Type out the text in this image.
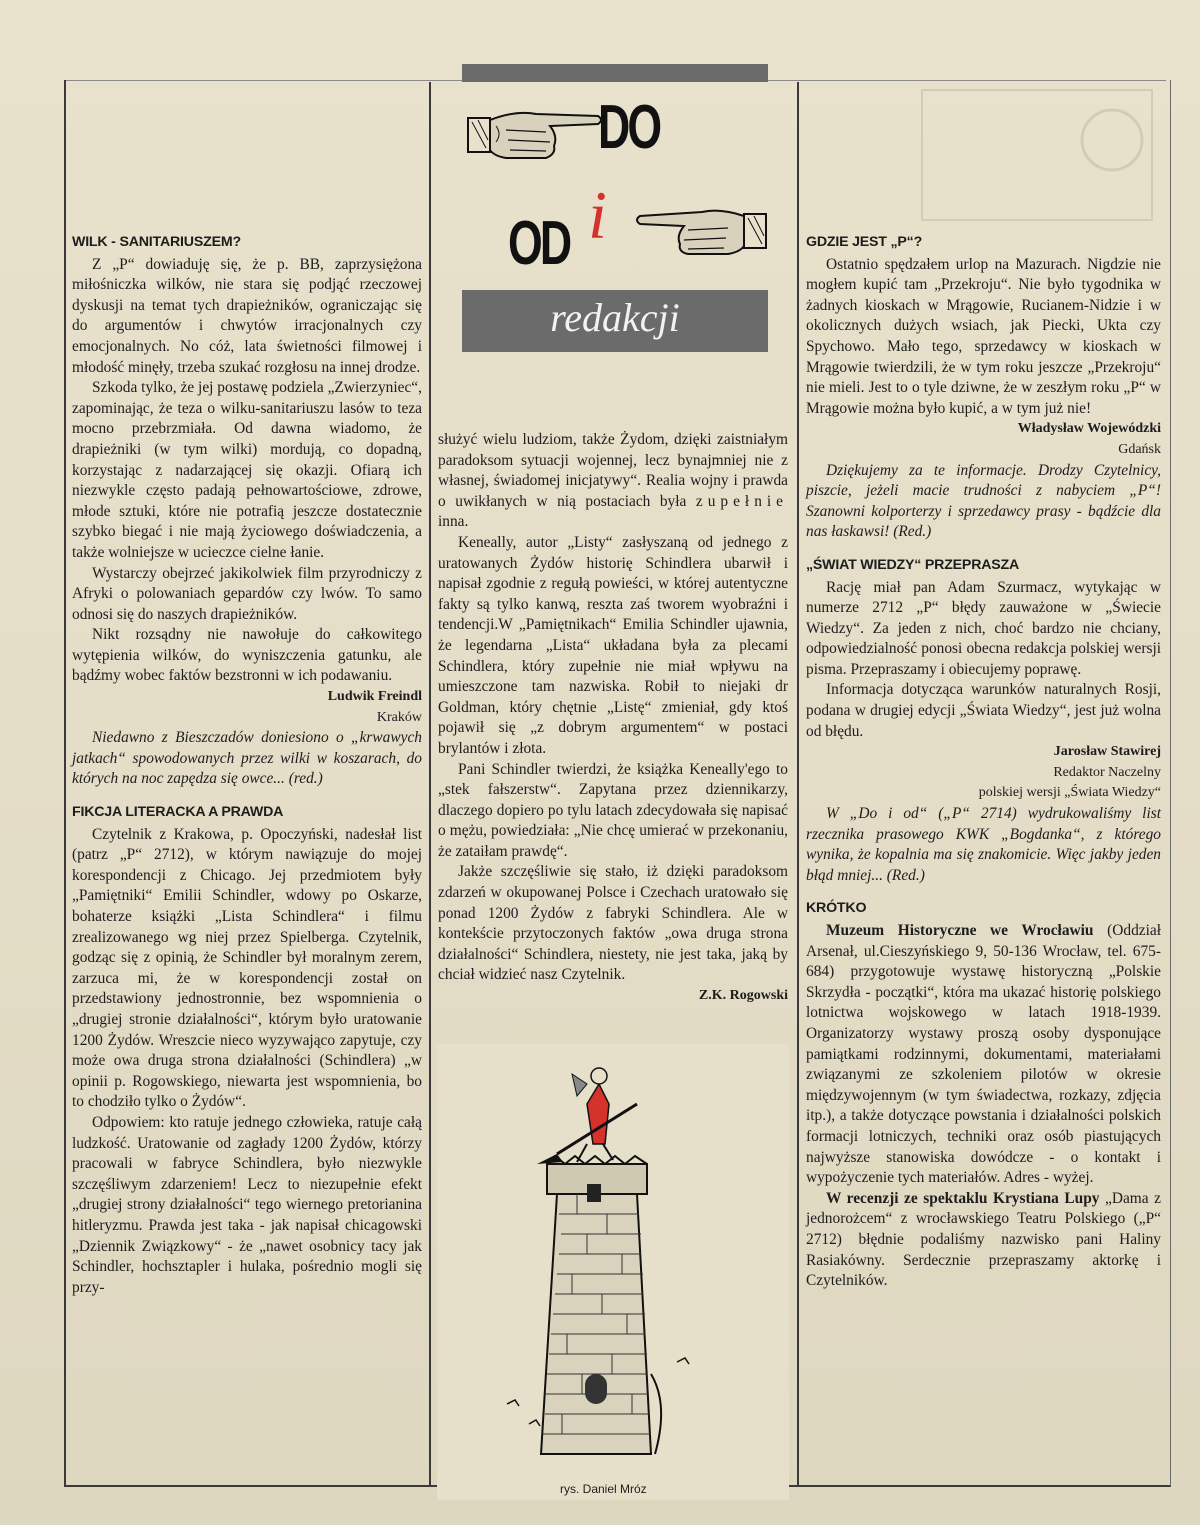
DO
i
OD
redakcji
WILK - SANITARIUSZEM?

Z „P“ dowiaduję się, że p. BB, zaprzysiężona miłośniczka wilków, nie stara się podjąć rzeczowej dyskusji na temat tych drapieżników, ograniczając się do argumentów i chwytów irracjonalnych czy emocjonalnych. No cóż, lata świetności filmowej i młodość minęły, trzeba szukać rozgłosu na innej drodze.

Szkoda tylko, że jej postawę podziela „Zwierzyniec“, zapominając, że teza o wilku-sanitariuszu lasów to teza mocno przebrzmiała. Od dawna wiadomo, że drapieżniki (w tym wilki) mordują, co dopadną, korzystając z nadarzającej się okazji. Ofiarą ich niezwykle często padają pełnowartościowe, zdrowe, młode sztuki, które nie potrafią jeszcze dostatecznie szybko biegać i nie mają życiowego doświadczenia, a także wolniejsze w ucieczce cielne łanie.

Wystarczy obejrzeć jakikolwiek film przyrodniczy z Afryki o polowaniach gepardów czy lwów. To samo odnosi się do naszych drapieżników.

Nikt rozsądny nie nawołuje do całkowitego wytępienia wilków, do wyniszczenia gatunku, ale bądźmy wobec faktów bezstronni w ich podawaniu.

Ludwik Freindl

Kraków

Niedawno z Bieszczadów doniesiono o „krwawych jatkach“ spowodowanych przez wilki w koszarach, do których na noc zapędza się owce... (red.)

FIKCJA LITERACKA A PRAWDA

Czytelnik z Krakowa, p. Opoczyński, nadesłał list (patrz „P“ 2712), w którym nawiązuje do mojej korespondencji z Chicago. Jej przedmiotem były „Pamiętniki“ Emilii Schindler, wdowy po Oskarze, bohaterze książki „Lista Schindlera“ i filmu zrealizowanego wg niej przez Spielberga. Czytelnik, godząc się z opinią, że Schindler był moralnym zerem, zarzuca mi, że w korespondencji został on przedstawiony jednostronnie, bez wspomnienia o „drugiej stronie działalności“, którym było uratowanie 1200 Żydów. Wreszcie nieco wyzywająco zapytuje, czy może owa druga strona działalności (Schindlera) „w opinii p. Rogowskiego, niewarta jest wspomnienia, bo to chodziło tylko o Żydów“.

Odpowiem: kto ratuje jednego człowieka, ratuje całą ludzkość. Uratowanie od zagłady 1200 Żydów, którzy pracowali w fabryce Schindlera, było niezwykle szczęśliwym zdarzeniem! Lecz to niezupełnie efekt „drugiej strony działalności“ tego wiernego pretorianina hitleryzmu. Prawda jest taka - jak napisał chicagowski „Dziennik Związkowy“ - że „nawet osobnicy tacy jak Schindler, hochsztapler i hulaka, pośrednio mogli się przy-

służyć wielu ludziom, także Żydom, dzięki zaistniałym paradoksom sytuacji wojennej, lecz bynajmniej nie z własnej, świadomej inicjatywy“. Realia wojny i prawda o uwikłanych w nią postaciach była zupełnie inna.

Keneally, autor „Listy“ zasłyszaną od jednego z uratowanych Żydów historię Schindlera ubarwił i napisał zgodnie z regułą powieści, w której autentyczne fakty są tylko kanwą, reszta zaś tworem wyobraźni i tendencji.W „Pamiętnikach“ Emilia Schindler ujawnia, że legendarna „Lista“ układana była za plecami Schindlera, który zupełnie nie miał wpływu na umieszczone tam nazwiska. Robił to niejaki dr Goldman, który chętnie „Listę“ zmieniał, gdy ktoś pojawił się „z dobrym argumentem“ w postaci brylantów i złota.

Pani Schindler twierdzi, że książka Keneally'ego to „stek fałszerstw“. Zapytana przez dziennikarzy, dlaczego dopiero po tylu latach zdecydowała się napisać o mężu, powiedziała: „Nie chcę umierać w przekonaniu, że zataiłam prawdę“.

Jakże szczęśliwie się stało, iż dzięki paradoksom zdarzeń w okupowanej Polsce i Czechach uratowało się ponad 1200 Żydów z fabryki Schindlera. Ale w kontekście przytoczonych faktów „owa druga strona działalności“ Schindlera, niestety, nie jest taka, jaką by chciał widzieć nasz Czytelnik.

Z.K. Rogowski

rys. Daniel Mróz
GDZIE JEST „P“?

Ostatnio spędzałem urlop na Mazurach. Nigdzie nie mogłem kupić tam „Przekroju“. Nie było tygodnika w żadnych kioskach w Mrągowie, Rucianem-Nidzie i w okolicznych dużych wsiach, jak Piecki, Ukta czy Spychowo. Mało tego, sprzedawcy w kioskach w Mrągowie twierdzili, że w tym roku jeszcze „Przekroju“ nie mieli. Jest to o tyle dziwne, że w zeszłym roku „P“ w Mrągowie można było kupić, a w tym już nie!

Władysław Wojewódzki

Gdańsk

Dziękujemy za te informacje. Drodzy Czytelnicy, piszcie, jeżeli macie trudności z nabyciem „P“! Szanowni kolporterzy i sprzedawcy prasy - bądźcie dla nas łaskawsi! (Red.)

„ŚWIAT WIEDZY“ PRZEPRASZA

Rację miał pan Adam Szurmacz, wytykając w numerze 2712 „P“ błędy zauważone w „Świecie Wiedzy“. Za jeden z nich, choć bardzo nie chciany, odpowiedzialność ponosi obecna redakcja polskiej wersji pisma. Przepraszamy i obiecujemy poprawę.

Informacja dotycząca warunków naturalnych Rosji, podana w drugiej edycji „Świata Wiedzy“, jest już wolna od błędu.

Jarosław Stawirej

Redaktor Naczelny

polskiej wersji „Świata Wiedzy“

W „Do i od“ („P“ 2714) wydrukowaliśmy list rzecznika prasowego KWK „Bogdanka“, z którego wynika, że kopalnia ma się znakomicie. Więc jakby jeden błąd mniej... (Red.)

KRÓTKO

Muzeum Historyczne we Wrocławiu (Oddział Arsenał, ul.Cieszyńskiego 9, 50-136 Wrocław, tel. 675-684) przygotowuje wystawę historyczną „Polskie Skrzydła - początki“, która ma ukazać historię polskiego lotnictwa wojskowego w latach 1918-1939. Organizatorzy wystawy proszą osoby dysponujące pamiątkami rodzinnymi, dokumentami, materiałami związanymi ze szkoleniem pilotów w okresie międzywojennym (w tym świadectwa, rozkazy, zdjęcia itp.), a także dotyczące powstania i działalności polskich formacji lotniczych, techniki oraz osób piastujących najwyższe stanowiska dowódcze - o kontakt i wypożyczenie tych materiałów. Adres - wyżej.

W recenzji ze spektaklu Krystiana Lupy „Dama z jednorożcem“ z wrocławskiego Teatru Polskiego („P“ 2712) błędnie podaliśmy nazwisko pani Haliny Rasiakówny. Serdecznie przepraszamy aktorkę i Czytelników.
